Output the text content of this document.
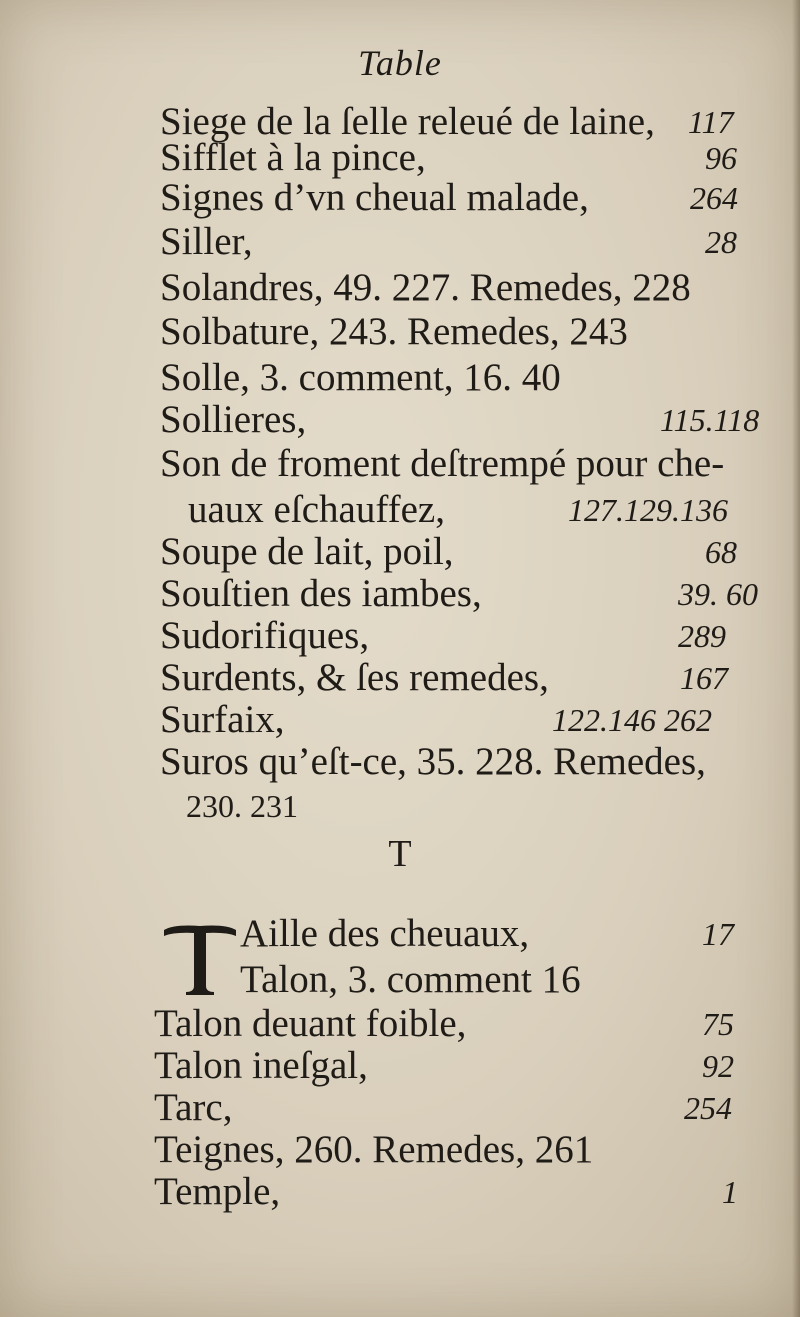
Table
Siege de la ſelle releué de laine, 117
Sifflet à la pince,	96
Signes d’vn cheual malade,	264
Siller,	28
Solandres, 49. 227. Remedes, 228
Solbature, 243. Remedes, 243
Solle, 3. comment, 16. 40
Sollieres,	115.118
Son de froment deſtrempé pour che-
uaux eſchauffez,	127.129.136
Soupe de lait, poil,	68
Souſtien des iambes,	39. 60
Sudorifiques,	289
Surdents, & ſes remedes,	167
Surfaix,	122.146 262
Suros qu’eſt-ce, 35. 228. Remedes,
230. 231
T
Aille des cheuaux,	17
Talon, 3. comment 16
Talon deuant foible,	75
Talon ineſgal,	92
Tarc,	254
Teignes, 260. Remedes, 261
Temple,	1
